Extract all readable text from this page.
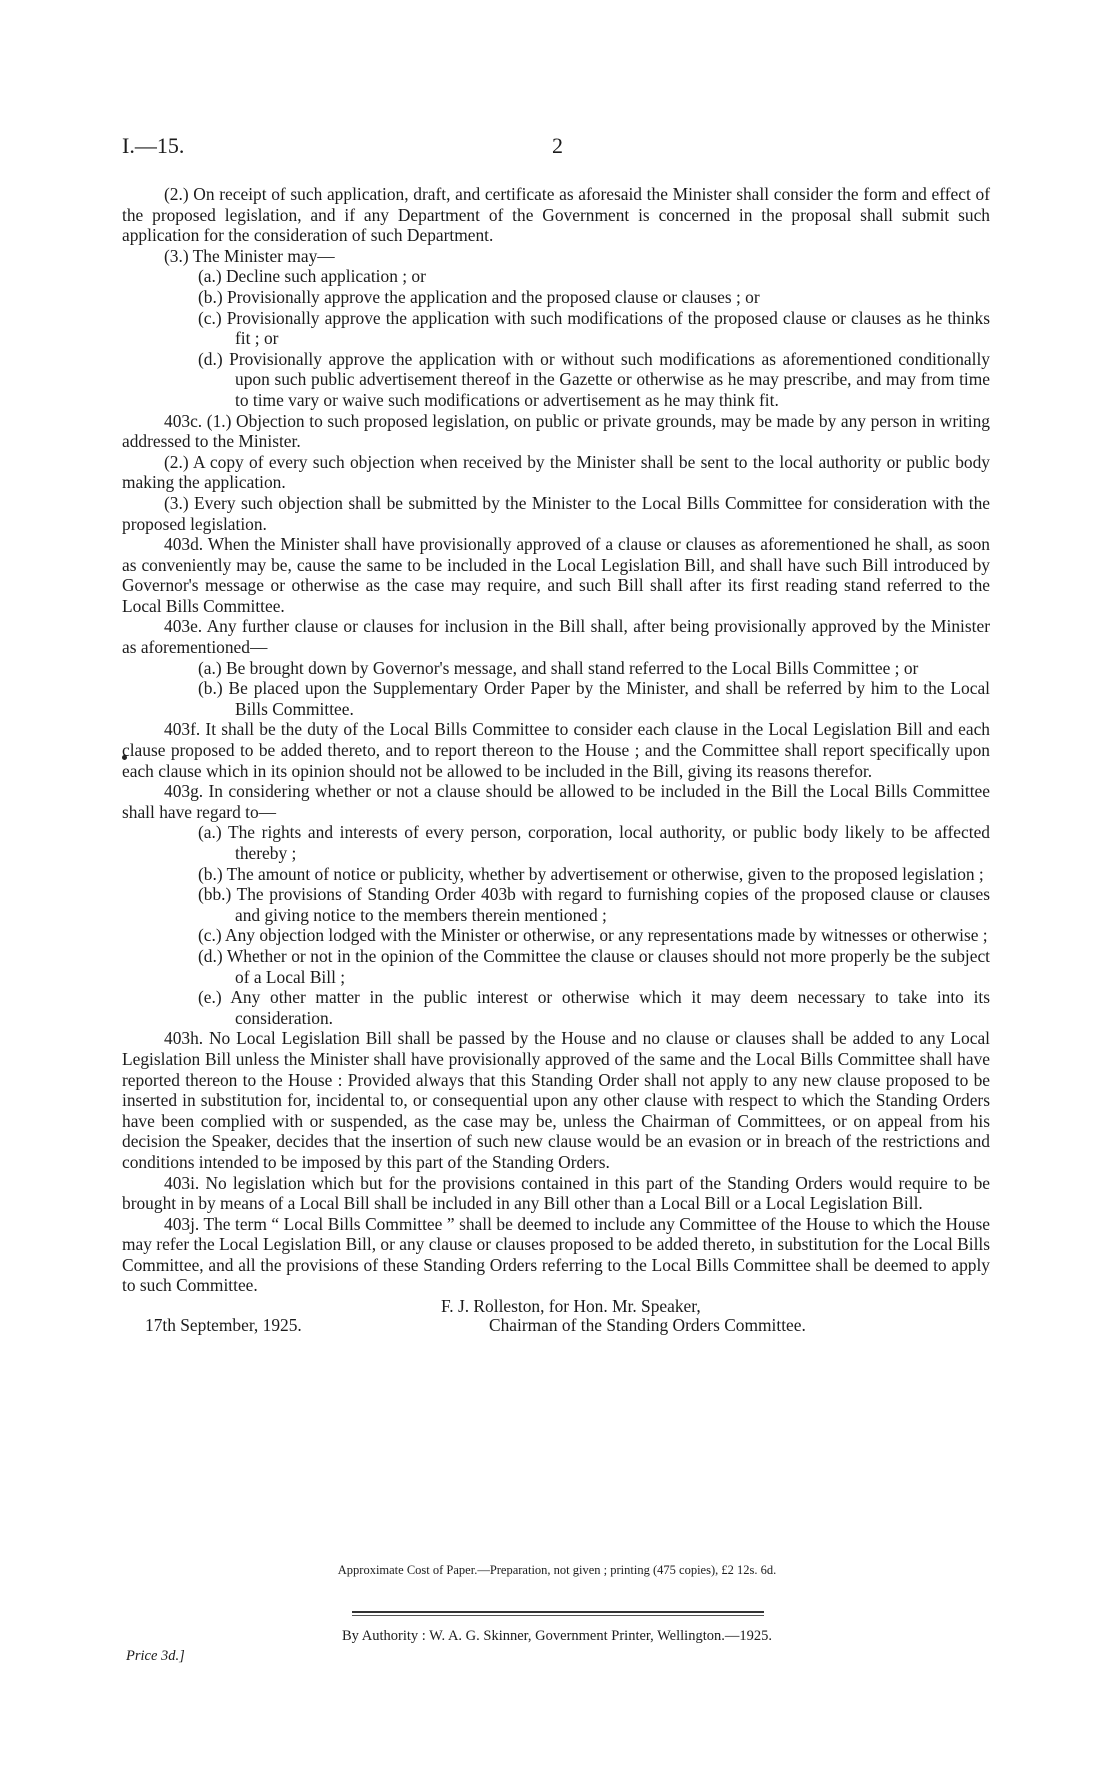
I.—15.	2

(2.) On receipt of such application, draft, and certificate as aforesaid the Minister shall consider the form and effect of the proposed legislation, and if any Department of the Government is concerned in the proposal shall submit such application for the consideration of such Department.

(3.) The Minister may—

(a.) Decline such application ; or

(b.) Provisionally approve the application and the proposed clause or clauses ; or

(c.) Provisionally approve the application with such modifications of the proposed clause or clauses as he thinks fit ; or

(d.) Provisionally approve the application with or without such modifications as aforementioned conditionally upon such public advertisement thereof in the Gazette or otherwise as he may prescribe, and may from time to time vary or waive such modifications or advertisement as he may think fit.

403c. (1.) Objection to such proposed legislation, on public or private grounds, may be made by any person in writing addressed to the Minister.

(2.) A copy of every such objection when received by the Minister shall be sent to the local authority or public body making the application.

(3.) Every such objection shall be submitted by the Minister to the Local Bills Committee for consideration with the proposed legislation.

403d. When the Minister shall have provisionally approved of a clause or clauses as aforementioned he shall, as soon as conveniently may be, cause the same to be included in the Local Legislation Bill, and shall have such Bill introduced by Governor's message or otherwise as the case may require, and such Bill shall after its first reading stand referred to the Local Bills Committee.

403e. Any further clause or clauses for inclusion in the Bill shall, after being provisionally approved by the Minister as aforementioned—

(a.) Be brought down by Governor's message, and shall stand referred to the Local Bills Committee ; or

(b.) Be placed upon the Supplementary Order Paper by the Minister, and shall be referred by him to the Local Bills Committee.

403f. It shall be the duty of the Local Bills Committee to consider each clause in the Local Legislation Bill and each clause proposed to be added thereto, and to report thereon to the House ; and the Committee shall report specifically upon each clause which in its opinion should not be allowed to be included in the Bill, giving its reasons therefor.

403g. In considering whether or not a clause should be allowed to be included in the Bill the Local Bills Committee shall have regard to—

(a.) The rights and interests of every person, corporation, local authority, or public body likely to be affected thereby ;

(b.) The amount of notice or publicity, whether by advertisement or otherwise, given to the proposed legislation ;

(bb.) The provisions of Standing Order 403b with regard to furnishing copies of the proposed clause or clauses and giving notice to the members therein mentioned ;

(c.) Any objection lodged with the Minister or otherwise, or any representations made by witnesses or otherwise ;

(d.) Whether or not in the opinion of the Committee the clause or clauses should not more properly be the subject of a Local Bill ;

(e.) Any other matter in the public interest or otherwise which it may deem necessary to take into its consideration.

403h. No Local Legislation Bill shall be passed by the House and no clause or clauses shall be added to any Local Legislation Bill unless the Minister shall have provisionally approved of the same and the Local Bills Committee shall have reported thereon to the House : Provided always that this Standing Order shall not apply to any new clause proposed to be inserted in substitution for, incidental to, or consequential upon any other clause with respect to which the Standing Orders have been complied with or suspended, as the case may be, unless the Chairman of Committees, or on appeal from his decision the Speaker, decides that the insertion of such new clause would be an evasion or in breach of the restrictions and conditions intended to be imposed by this part of the Standing Orders.

403i. No legislation which but for the provisions contained in this part of the Standing Orders would require to be brought in by means of a Local Bill shall be included in any Bill other than a Local Bill or a Local Legislation Bill.

403j. The term “ Local Bills Committee ” shall be deemed to include any Committee of the House to which the House may refer the Local Legislation Bill, or any clause or clauses proposed to be added thereto, in substitution for the Local Bills Committee, and all the provisions of these Standing Orders referring to the Local Bills Committee shall be deemed to apply to such Committee.

F. J. Rolleston, for Hon. Mr. Speaker,
17th September, 1925.	Chairman of the Standing Orders Committee.
Approximate Cost of Paper.—Preparation, not given ; printing (475 copies), £2 12s. 6d.
By Authority : W. A. G. Skinner, Government Printer, Wellington.—1925.
Price 3d.]
